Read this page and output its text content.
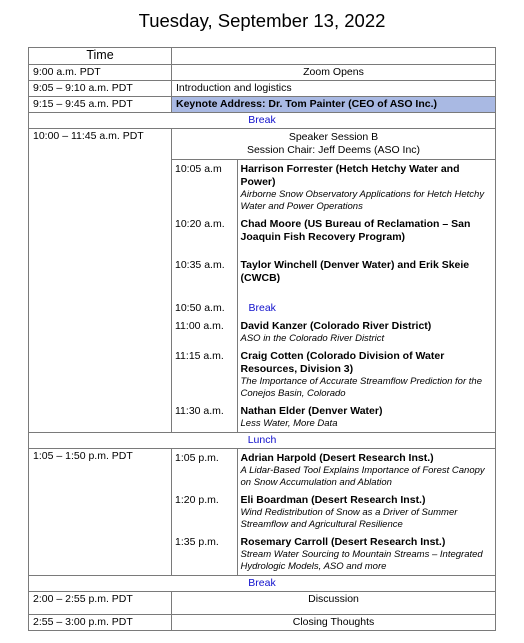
Tuesday, September 13, 2022
Time	
9:00 a.m. PDT	Zoom Opens
9:05 – 9:10 a.m. PDT	Introduction and logistics
9:15 – 9:45 a.m. PDT	Keynote Address: Dr. Tom Painter (CEO of ASO Inc.)
Break
10:00 – 11:45 a.m. PDT	Speaker Session B
Session Chair: Jeff Deems (ASO Inc)
10:05 a.m	Harrison Forrester (Hetch Hetchy Water and Power)
Airborne Snow Observatory Applications for Hetch Hetchy Water and Power Operations

10:20 a.m.	Chad Moore (US Bureau of Reclamation – San Joaquin Fish Recovery Program)

10:35 a.m.	Taylor Winchell (Denver Water) and Erik Skeie (CWCB)

10:50 a.m.	Break

11:00 a.m.	David Kanzer (Colorado River District)
ASO in the Colorado River District

11:15 a.m.	Craig Cotten (Colorado Division of Water Resources, Division 3)
The Importance of Accurate Streamflow Prediction for the Conejos Basin, Colorado

11:30 a.m.	Nathan Elder (Denver Water)
Less Water, More Data

Lunch
1:05 – 1:50 p.m. PDT		1:05 p.m.	Adrian Harpold (Desert Research Inst.)
A Lidar-Based Tool Explains Importance of Forest Canopy on Snow Accumulation and Ablation

1:20 p.m.	Eli Boardman (Desert Research Inst.)
Wind Redistribution of Snow as a Driver of Summer Streamflow and Agricultural Resilience

1:35 p.m.	Rosemary Carroll (Desert Research Inst.)
Stream Water Sourcing to Mountain Streams – Integrated Hydrologic Models, ASO and more

Break
2:00 – 2:55 p.m. PDT	Discussion
2:55 – 3:00 p.m. PDT	Closing Thoughts
